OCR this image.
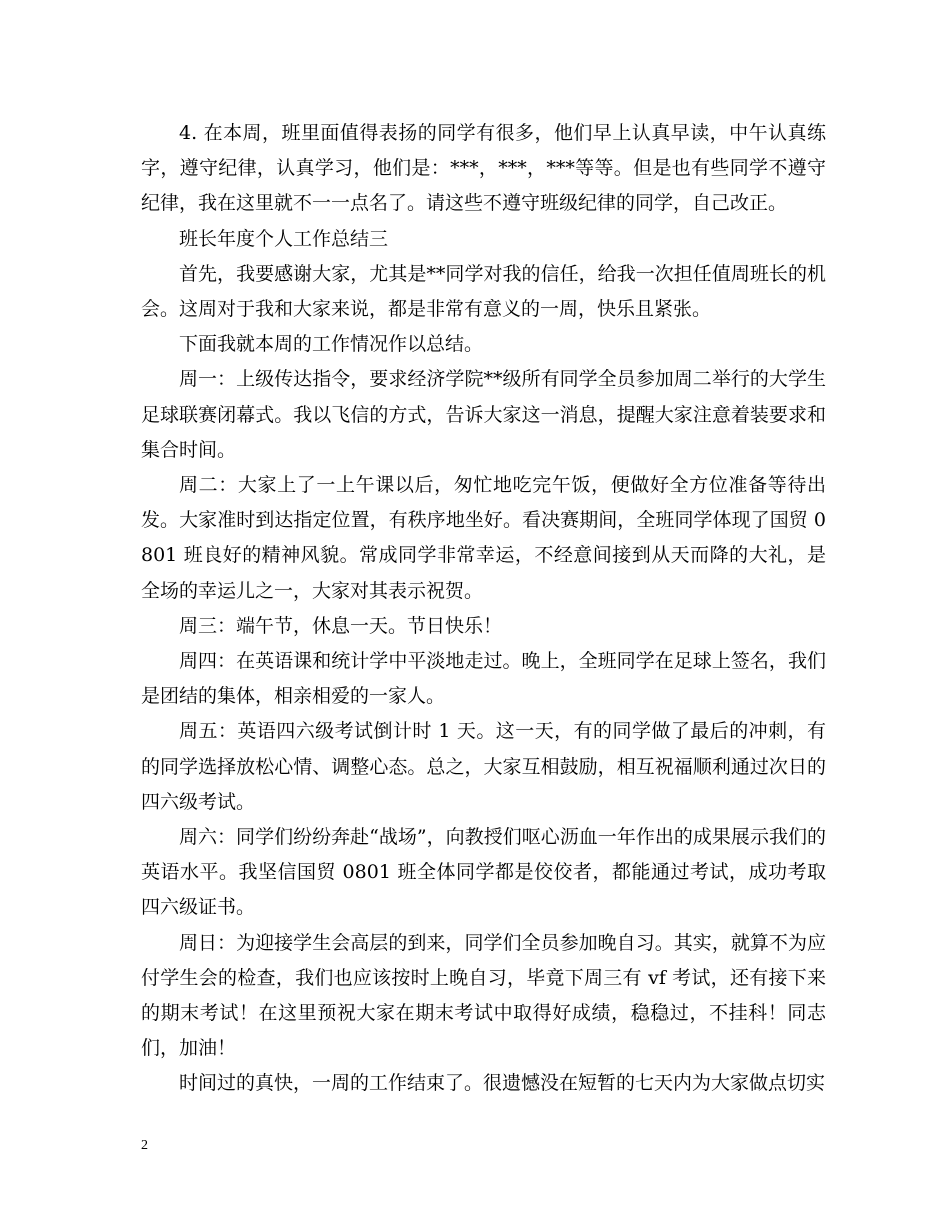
4. 在本周，班里面值得表扬的同学有很多，他们早上认真早读，中午认真练字，遵守纪律，认真学习，他们是：***，***，***等等。但是也有些同学不遵守纪律，我在这里就不一一点名了。请这些不遵守班级纪律的同学，自己改正。

班长年度个人工作总结三

首先，我要感谢大家，尤其是**同学对我的信任，给我一次担任值周班长的机会。这周对于我和大家来说，都是非常有意义的一周，快乐且紧张。

下面我就本周的工作情况作以总结。

周一：上级传达指令，要求经济学院**级所有同学全员参加周二举行的大学生足球联赛闭幕式。我以飞信的方式，告诉大家这一消息，提醒大家注意着装要求和集合时间。

周二：大家上了一上午课以后，匆忙地吃完午饭，便做好全方位准备等待出发。大家准时到达指定位置，有秩序地坐好。看决赛期间，全班同学体现了国贸 0801 班良好的精神风貌。常成同学非常幸运，不经意间接到从天而降的大礼，是全场的幸运儿之一，大家对其表示祝贺。

周三：端午节，休息一天。节日快乐！

周四：在英语课和统计学中平淡地走过。晚上，全班同学在足球上签名，我们是团结的集体，相亲相爱的一家人。

周五：英语四六级考试倒计时 1 天。这一天，有的同学做了最后的冲刺，有的同学选择放松心情、调整心态。总之，大家互相鼓励，相互祝福顺利通过次日的四六级考试。

周六：同学们纷纷奔赴“战场”，向教授们呕心沥血一年作出的成果展示我们的英语水平。我坚信国贸 0801 班全体同学都是佼佼者，都能通过考试，成功考取四六级证书。

周日：为迎接学生会高层的到来，同学们全员参加晚自习。其实，就算不为应付学生会的检查，我们也应该按时上晚自习，毕竟下周三有 vf 考试，还有接下来的期末考试！在这里预祝大家在期末考试中取得好成绩，稳稳过，不挂科！同志们，加油！

时间过的真快，一周的工作结束了。很遗憾没在短暂的七天内为大家做点切实

2
